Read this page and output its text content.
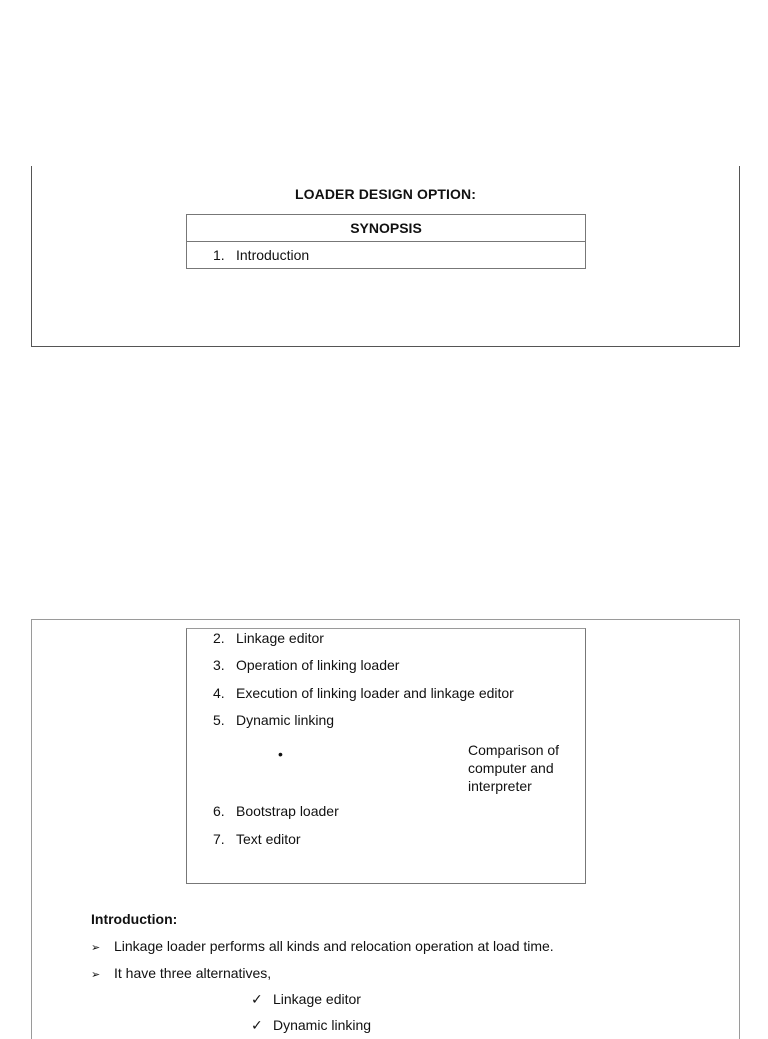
LOADER DESIGN OPTION:
SYNOPSIS
1. Introduction
2. Linkage editor
3. Operation of linking loader
4. Execution of linking loader and linkage editor
5. Dynamic linking
•	Comparison of computer and interpreter
6. Bootstrap loader
7. Text editor
Introduction:
➢ Linkage loader performs all kinds and relocation operation at load time.
➢ It have three alternatives,
✓ Linkage editor
✓ Dynamic linking
